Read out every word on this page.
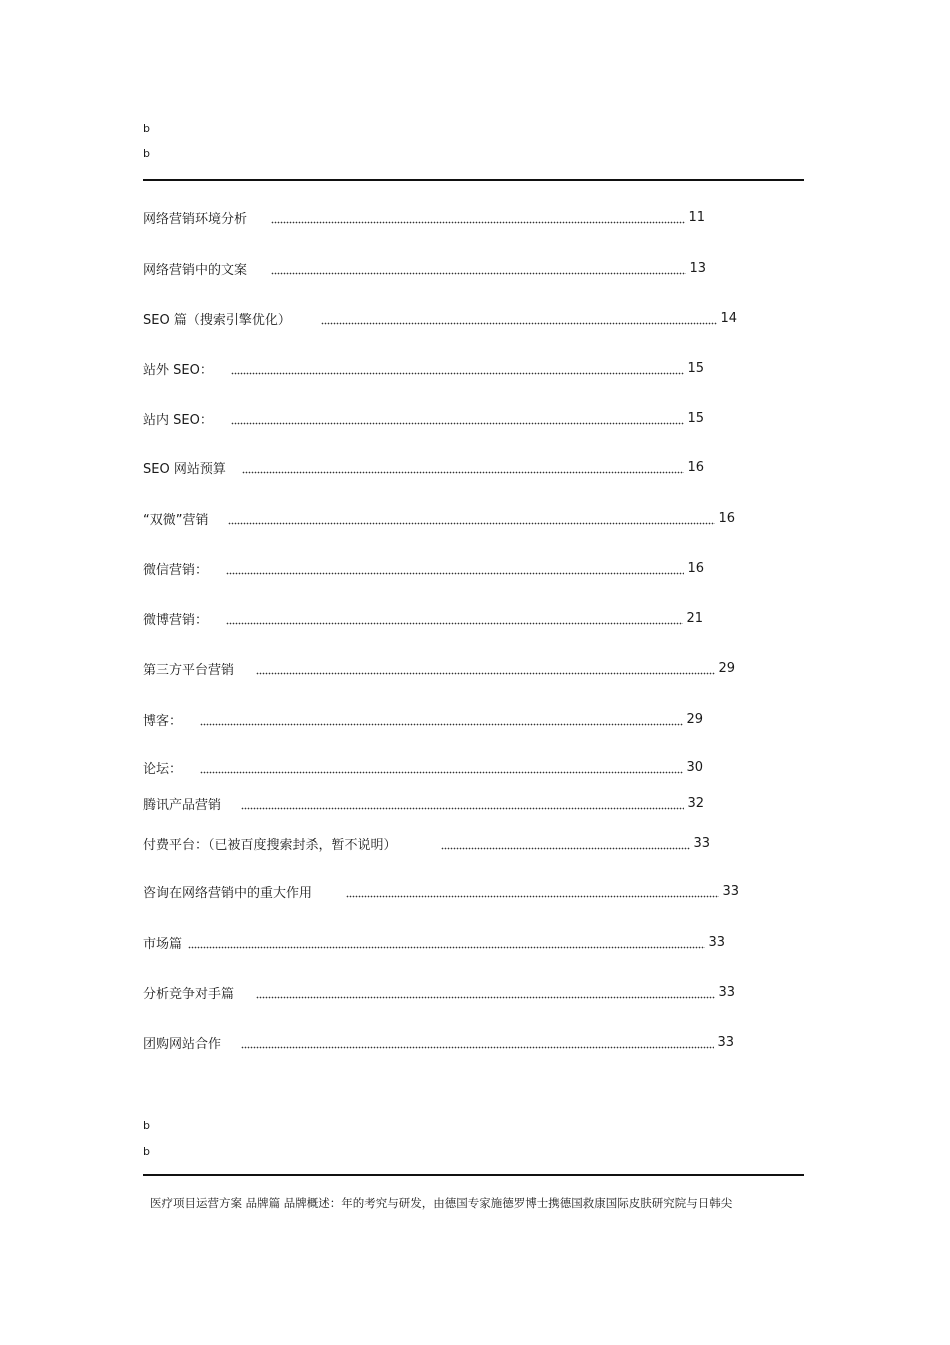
b
b
网络营销环境分析	11
网络营销中的文案	13
SEO 篇（搜索引擎优化）	14
站外 SEO：	15
站内 SEO：	15
SEO 网站预算	16
“双微”营销	16
微信营销：	16
微博营销：	21
第三方平台营销	29
博客：	29
论坛：	30
腾讯产品营销	32
付费平台：（已被百度搜索封杀，暂不说明）	33
咨询在网络营销中的重大作用	33
市场篇	33
分析竞争对手篇	33
团购网站合作	33
b
b
医疗项目运营方案 品牌篇 品牌概述：年的考究与研发，由德国专家施德罗博士携德国救康国际皮肤研究院与日韩尖
